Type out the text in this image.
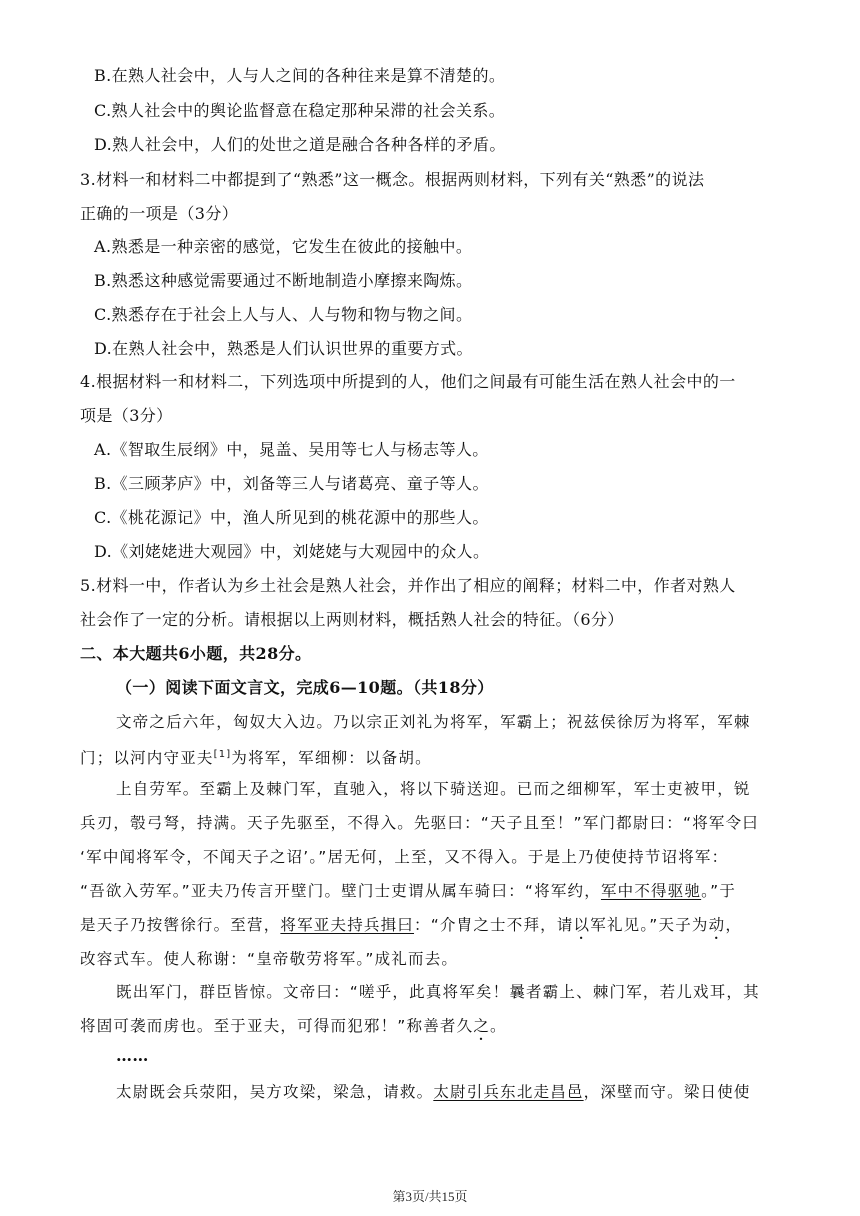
B.在熟人社会中，人与人之间的各种往来是算不清楚的。
C.熟人社会中的舆论监督意在稳定那种呆滞的社会关系。
D.熟人社会中，人们的处世之道是融合各种各样的矛盾。
3.材料一和材料二中都提到了“熟悉”这一概念。根据两则材料，下列有关“熟悉”的说法
正确的一项是（3分）
A.熟悉是一种亲密的感觉，它发生在彼此的接触中。
B.熟悉这种感觉需要通过不断地制造小摩擦来陶炼。
C.熟悉存在于社会上人与人、人与物和物与物之间。
D.在熟人社会中，熟悉是人们认识世界的重要方式。
4.根据材料一和材料二，下列选项中所提到的人，他们之间最有可能生活在熟人社会中的一
项是（3分）
A.《智取生辰纲》中，晁盖、吴用等七人与杨志等人。
B.《三顾茅庐》中，刘备等三人与诸葛亮、童子等人。
C.《桃花源记》中，渔人所见到的桃花源中的那些人。
D.《刘姥姥进大观园》中，刘姥姥与大观园中的众人。
5.材料一中，作者认为乡土社会是熟人社会，并作出了相应的阐释；材料二中，作者对熟人
社会作了一定的分析。请根据以上两则材料，概括熟人社会的特征。（6分）
二、本大题共6小题，共28分。
（一）阅读下面文言文，完成6—10题。（共18分）
文帝之后六年，匈奴大入边。乃以宗正刘礼为将军，军霸上；祝兹侯徐厉为将军，军棘
门；以河内守亚夫[1]为将军，军细柳：以备胡。
上自劳军。至霸上及棘门军，直驰入，将以下骑送迎。已而之细柳军，军士吏被甲，锐
兵刃，彀弓弩，持满。天子先驱至，不得入。先驱曰：“天子且至！”军门都尉曰：“将军令曰
‘军中闻将军令，不闻天子之诏’。”居无何，上至，又不得入。于是上乃使使持节诏将军：
“吾欲入劳军。”亚夫乃传言开壁门。壁门士吏谓从属车骑曰：“将军约，军中不得驱驰。”于
是天子乃按辔徐行。至营，将军亚夫持兵揖曰：“介胄之士不拜，请以军礼见。”天子为动，
改容式车。使人称谢：“皇帝敬劳将军。”成礼而去。
既出军门，群臣皆惊。文帝曰：“嗟乎，此真将军矣！曩者霸上、棘门军，若儿戏耳，其
将固可袭而虏也。至于亚夫，可得而犯邪！”称善者久之。
……
太尉既会兵荥阳，吴方攻梁，梁急，请救。太尉引兵东北走昌邑，深壁而守。梁日使使
第3页/共15页
